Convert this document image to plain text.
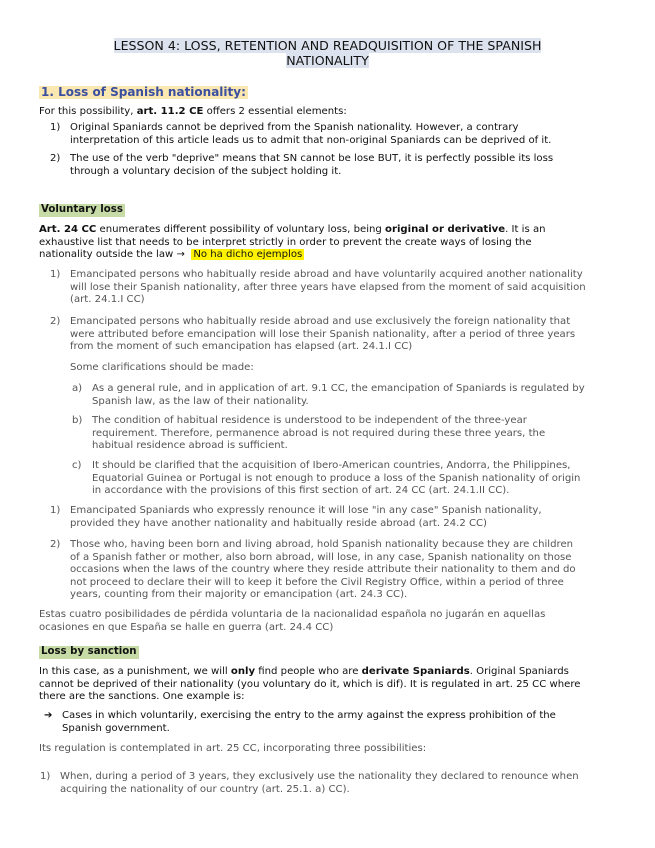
LESSON 4: LOSS, RETENTION AND READQUISITION OF THE SPANISH
NATIONALITY
1. Loss of Spanish nationality:
For this possibility, art. 11.2 CE offers 2 essential elements:
1) Original Spaniards cannot be deprived from the Spanish nationality. However, a contrary
interpretation of this article leads us to admit that non-original Spaniards can be deprived of it.
2) The use of the verb "deprive" means that SN cannot be lose BUT, it is perfectly possible its loss
through a voluntary decision of the subject holding it.
Voluntary loss
Art. 24 CC enumerates different possibility of voluntary loss, being original or derivative. It is an
exhaustive list that needs to be interpret strictly in order to prevent the create ways of losing the
nationality outside the law → No ha dicho ejemplos
1) Emancipated persons who habitually reside abroad and have voluntarily acquired another nationality
will lose their Spanish nationality, after three years have elapsed from the moment of said acquisition
(art. 24.1.I CC)
2) Emancipated persons who habitually reside abroad and use exclusively the foreign nationality that
were attributed before emancipation will lose their Spanish nationality, after a period of three years
from the moment of such emancipation has elapsed (art. 24.1.I CC)
Some clarifications should be made:
a) As a general rule, and in application of art. 9.1 CC, the emancipation of Spaniards is regulated by
Spanish law, as the law of their nationality.
b) The condition of habitual residence is understood to be independent of the three-year
requirement. Therefore, permanence abroad is not required during these three years, the
habitual residence abroad is sufficient.
c) It should be clarified that the acquisition of Ibero-American countries, Andorra, the Philippines,
Equatorial Guinea or Portugal is not enough to produce a loss of the Spanish nationality of origin
in accordance with the provisions of this first section of art. 24 CC (art. 24.1.II CC).
1) Emancipated Spaniards who expressly renounce it will lose "in any case" Spanish nationality,
provided they have another nationality and habitually reside abroad (art. 24.2 CC)
2) Those who, having been born and living abroad, hold Spanish nationality because they are children
of a Spanish father or mother, also born abroad, will lose, in any case, Spanish nationality on those
occasions when the laws of the country where they reside attribute their nationality to them and do
not proceed to declare their will to keep it before the Civil Registry Office, within a period of three
years, counting from their majority or emancipation (art. 24.3 CC).
Estas cuatro posibilidades de pérdida voluntaria de la nacionalidad española no jugarán en aquellas
ocasiones en que España se halle en guerra (art. 24.4 CC)
Loss by sanction
In this case, as a punishment, we will only find people who are derivate Spaniards. Original Spaniards
cannot be deprived of their nationality (you voluntary do it, which is dif). It is regulated in art. 25 CC where
there are the sanctions. One example is:
➔ Cases in which voluntarily, exercising the entry to the army against the express prohibition of the
Spanish government.
Its regulation is contemplated in art. 25 CC, incorporating three possibilities:
1) When, during a period of 3 years, they exclusively use the nationality they declared to renounce when
acquiring the nationality of our country (art. 25.1. a) CC).
